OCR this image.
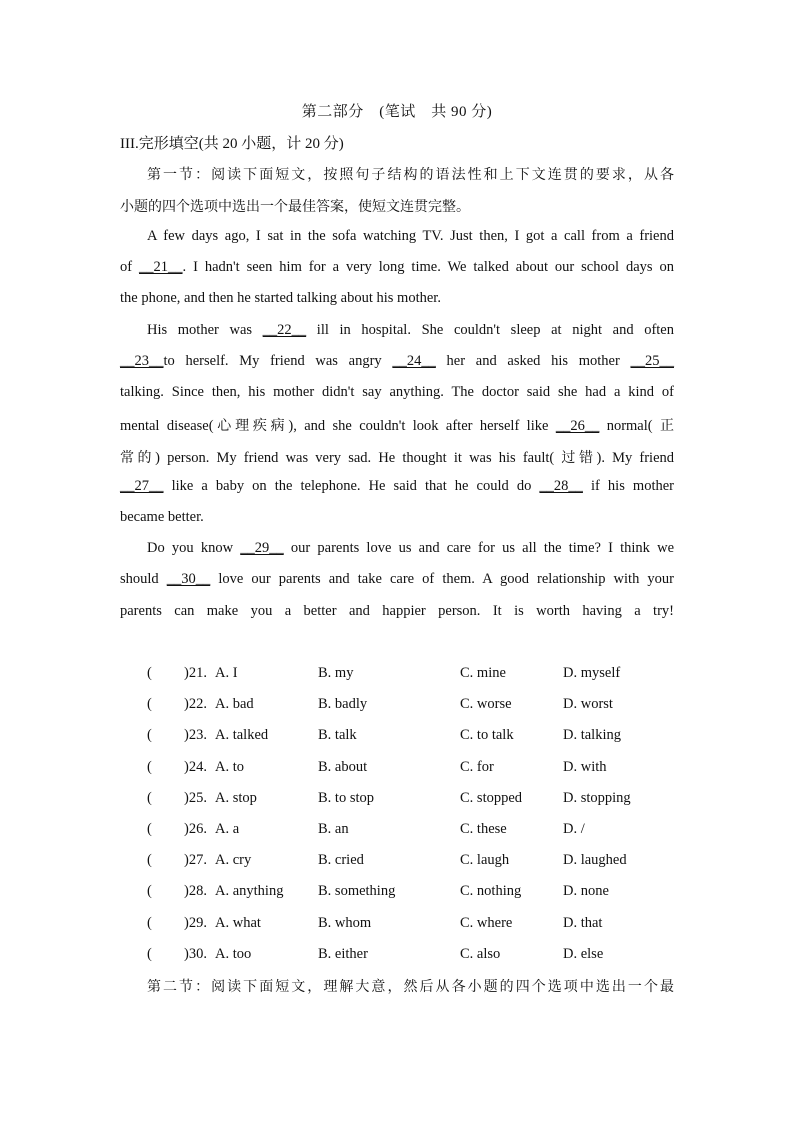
第二部分　(笔试　共 90 分)
III.完形填空(共 20 小题，计 20 分)
第一节：阅读下面短文，按照句子结构的语法性和上下文连贯的要求，从各
小题的四个选项中选出一个最佳答案，使短文连贯完整。
A few days ago, I sat in the sofa watching TV. Just then, I got a call from a friend
of __21__. I hadn't seen him for a very long time. We talked about our school days on
the phone, and then he started talking about his mother.
His mother was __22__ ill in hospital. She couldn't sleep at night and often
__23__to herself. My friend was angry __24__ her and asked his mother __25__
talking. Since then, his mother didn't say anything. The doctor said she had a kind of
mental disease(心理疾病), and she couldn't look after herself like __26__ normal( 正
常的) person. My friend was very sad. He thought it was his fault( 过错). My friend
__27__ like a baby on the telephone. He said that he could do __28__ if his mother
became better.
Do you know __29__ our parents love us and care for us all the time? I think we
should __30__ love our parents and take care of them. A good relationship with your
parents can make you a better and happier person. It is worth having a try!
( )21. A. I	B. my	C. mine	D. myself
( )22. A. bad	B. badly	C. worse	D. worst
( )23. A. talked	B. talk	C. to talk	D. talking
( )24. A. to	B. about	C. for	D. with
( )25. A. stop	B. to stop	C. stopped	D. stopping
( )26. A. a	B. an	C. these	D. /
( )27. A. cry	B. cried	C. laugh	D. laughed
( )28. A. anything B. something	C. nothing	D. none
( )29. A. what	B. whom	C. where	D. that
( )30. A. too	B. either	C. also	D. else
第二节：阅读下面短文，理解大意，然后从各小题的四个选项中选出一个最
